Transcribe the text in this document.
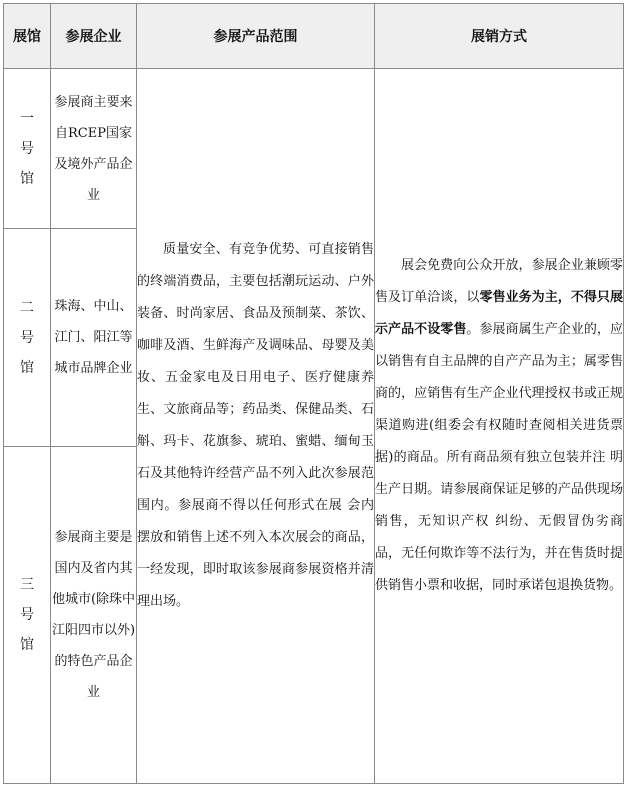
展馆	参展企业	参展产品范围	展销方式
一号馆	参展商主要来自RCEP国家及境外产品企业	质量安全、有竞争优势、可直接销售 的终端消费品，主要包括潮玩运动、户外装备、时尚家居、食品及预制菜、茶饮、咖啡及酒、生鲜海产及调味品、母婴及美妆、五金家电及日用电子、医疗健康养生、文旅商品等；药品类、保健品类、石斛、玛卡、花旗参、琥珀、蜜蜡、缅甸玉石及其他特许经营产品不列入此次参展范围内。参展商不得以任何形式在展 会内摆放和销售上述不列入本次展会的商品，一经发现，即时取该参展商参展资格并清理出场。	展会免费向公众开放，参展企业兼顾零售及订单洽谈，以零售业务为主，不得只展示产品不设零售。参展商属生产企业的，应以销售有自主品牌的自产产品为主；属零售商的，应销售有生产企业代理授权书或正规渠道购进(组委会有权随时查阅相关进货票据)的商品。所有商品须有独立包装并注 明生产日期。请参展商保证足够的产品供现场销售，无知识产权 纠纷、无假冒伪劣商品，无任何欺诈等不法行为，并在售货时提供销售小票和收据，同时承诺包退换货物。

二号馆	珠海、中山、江门、阳江等城市品牌企业		
三号馆	参展商主要是国内及省内其他城市(除珠中江阳四市以外)的特色产品企业		
